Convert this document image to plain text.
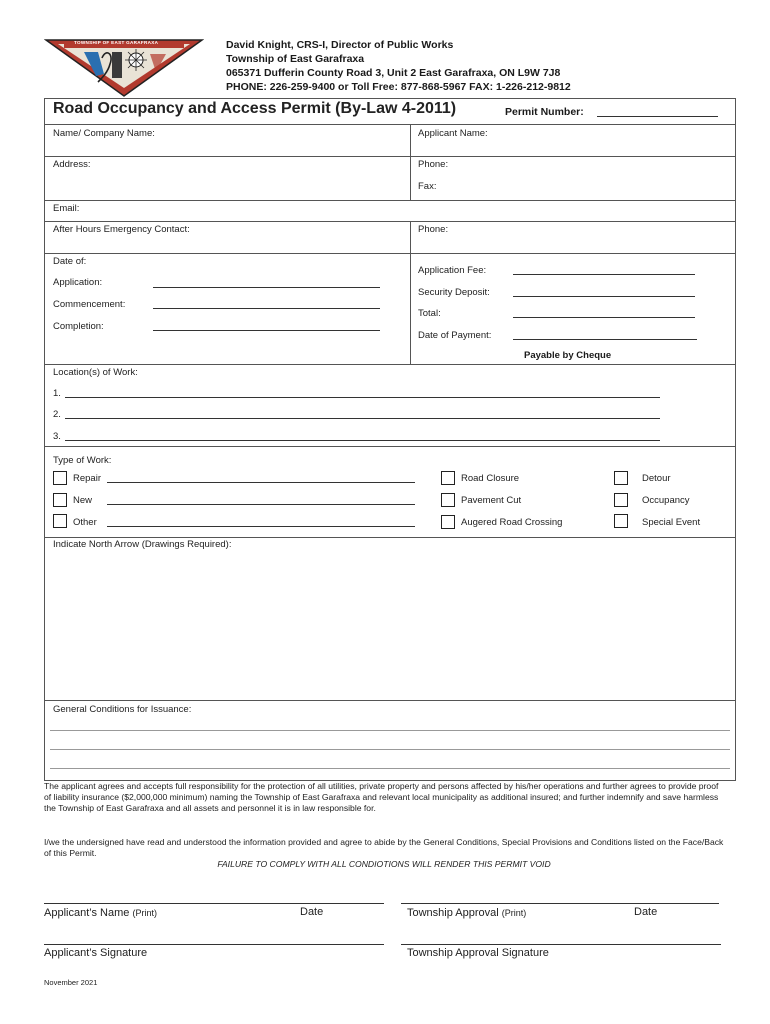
TOWNSHIP OF EAST GARAFRAXA	David Knight, CRS-I, Director of Public Works
Township of East Garafraxa
065371 Dufferin County Road 3, Unit 2 East Garafraxa, ON L9W 7J8
PHONE: 226-259-9400 or Toll Free: 877-868-5967 FAX: 1-226-212-9812
Road Occupancy and Access Permit (By-Law 4-2011)	Permit Number:
Name/ Company Name:	Applicant Name:
Address:	Phone:
Fax:
Email:
After Hours Emergency Contact:	Phone:
Date of:
Application:
Commencement:
Completion:
Application Fee:
Security Deposit:
Total:
Date of Payment:
Payable by Cheque
Location(s) of Work:
1.
2.
3.
Type of Work:
Repair
New
Other
Road Closure
Pavement Cut
Augered Road Crossing
Detour
Occupancy
Special Event
Indicate North Arrow (Drawings Required):
General Conditions for Issuance:
The applicant agrees and accepts full responsibility for the protection of all utilities, private property and persons affected by his/her operations and further agrees to provide proof of liability insurance ($2,000,000 minimum) naming the Township of East Garafraxa and relevant local municipality as additional insured; and further indemnify and save harmless the Township of East Garafraxa and all assets and personnel it is in law responsible for.
I/we the undersigned have read and understood the information provided and agree to abide by the General Conditions, Special Provisions and Conditions listed on the Face/Back of this Permit.
FAILURE TO COMPLY WITH ALL CONDIOTIONS WILL RENDER THIS PERMIT VOID
Applicant’s Name (Print)	Date	Township Approval (Print)	Date
Applicant’s Signature	Township Approval Signature
November 2021
